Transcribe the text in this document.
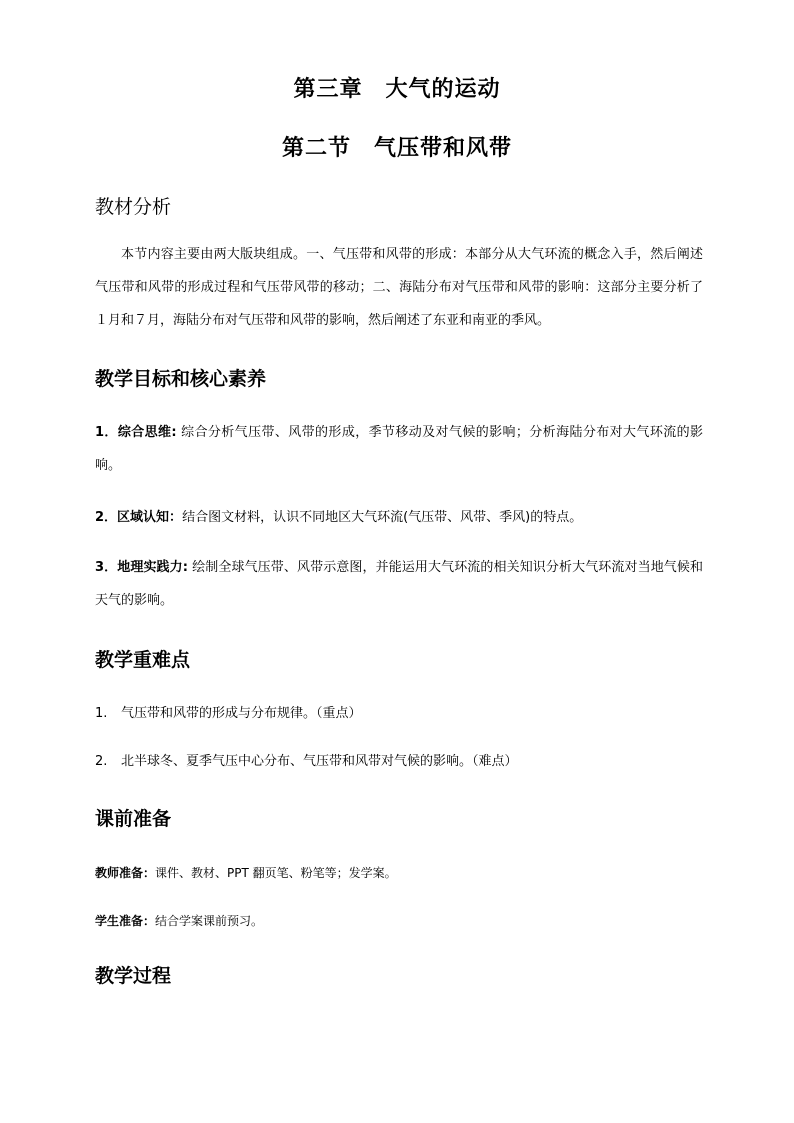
第三章　大气的运动
第二节　气压带和风带
教材分析

本节内容主要由两大版块组成。一、气压带和风带的形成：本部分从大气环流的概念入手，然后阐述气压带和风带的形成过程和气压带风带的移动；二、海陆分布对气压带和风带的影响：这部分主要分析了１月和７月，海陆分布对气压带和风带的影响，然后阐述了东亚和南亚的季风。

教学目标和核心素养

1．综合思维: 综合分析气压带、风带的形成，季节移动及对气候的影响；分析海陆分布对大气环流的影响。

2．区域认知：结合图文材料，认识不同地区大气环流(气压带、风带、季风)的特点。

3．地理实践力: 绘制全球气压带、风带示意图，并能运用大气环流的相关知识分析大气环流对当地气候和天气的影响。

教学重难点
1. 气压带和风带的形成与分布规律。（重点）
2. 北半球冬、夏季气压中心分布、气压带和风带对气候的影响。（难点）
课前准备
教师准备：课件、教材、PPT 翻页笔、粉笔等；发学案。
学生准备：结合学案课前预习。
教学过程
